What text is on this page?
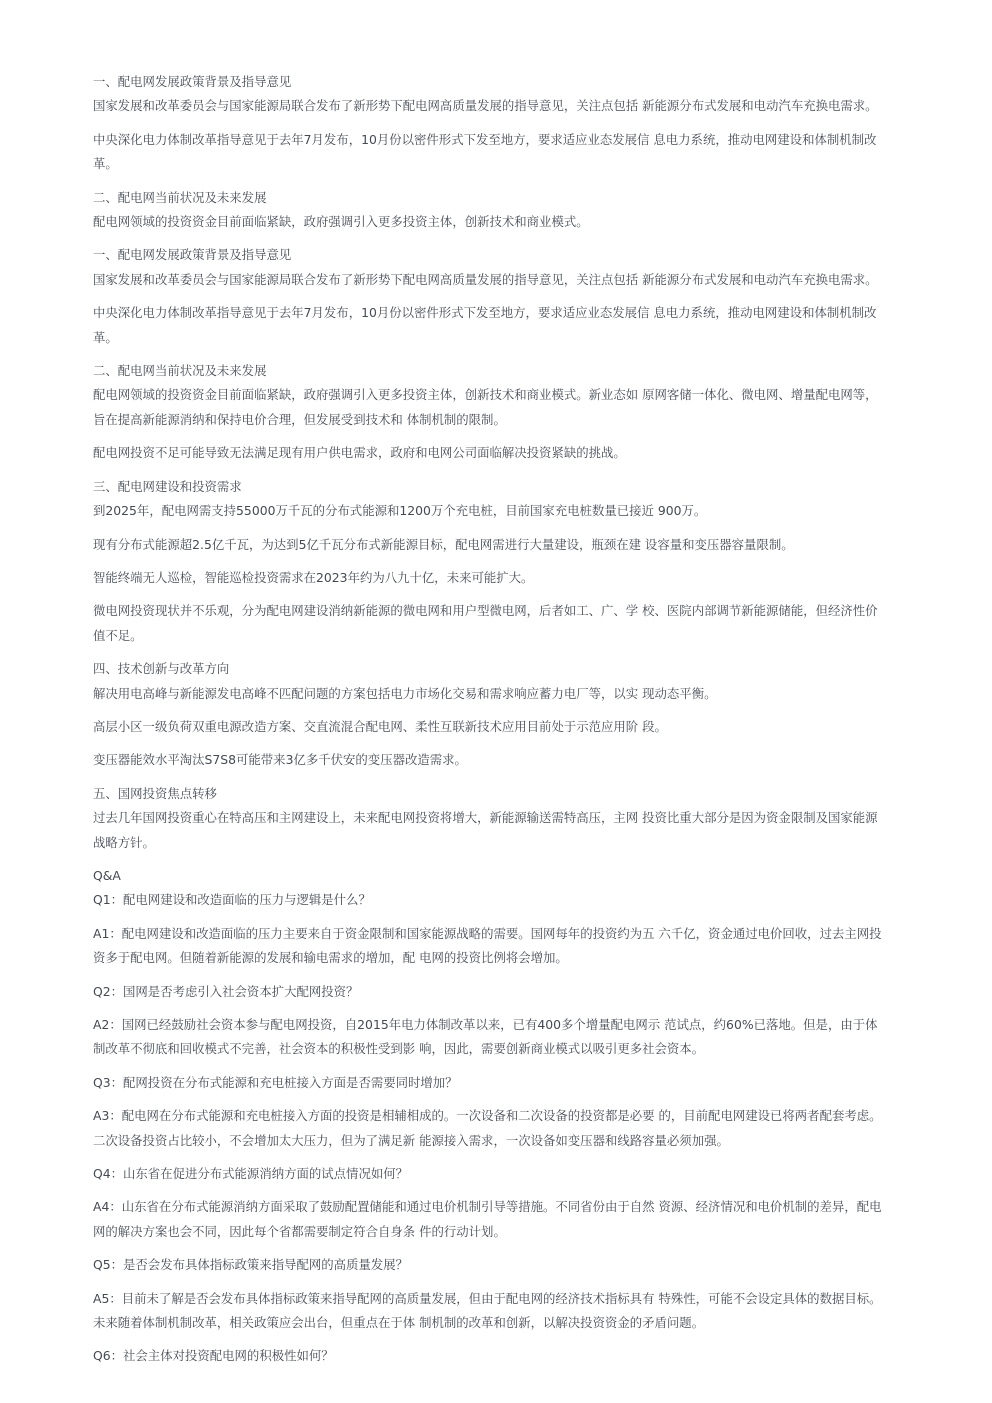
一、配电网发展政策背景及指导意见
国家发展和改革委员会与国家能源局联合发布了新形势下配电网高质量发展的指导意见，关注点包括 新能源分布式发展和电动汽车充换电需求。
中央深化电力体制改革指导意见于去年7月发布，10月份以密件形式下发至地方，要求适应业态发展信 息电力系统，推动电网建设和体制机制改
革。
二、配电网当前状况及未来发展
配电网领域的投资资金目前面临紧缺，政府强调引入更多投资主体，创新技术和商业模式。
一、配电网发展政策背景及指导意见
国家发展和改革委员会与国家能源局联合发布了新形势下配电网高质量发展的指导意见，关注点包括 新能源分布式发展和电动汽车充换电需求。
中央深化电力体制改革指导意见于去年7月发布，10月份以密件形式下发至地方，要求适应业态发展信 息电力系统，推动电网建设和体制机制改
革。
二、配电网当前状况及未来发展
配电网领域的投资资金目前面临紧缺，政府强调引入更多投资主体，创新技术和商业模式。新业态如 原网客储一体化、微电网、增量配电网等，
旨在提高新能源消纳和保持电价合理，但发展受到技术和 体制机制的限制。
配电网投资不足可能导致无法满足现有用户供电需求，政府和电网公司面临解决投资紧缺的挑战。
三、配电网建设和投资需求
到2025年，配电网需支持55000万千瓦的分布式能源和1200万个充电桩，目前国家充电桩数量已接近 900万。
现有分布式能源超2.5亿千瓦，为达到5亿千瓦分布式新能源目标，配电网需进行大量建设，瓶颈在建 设容量和变压器容量限制。
智能终端无人巡检，智能巡检投资需求在2023年约为八九十亿，未来可能扩大。
微电网投资现状并不乐观，分为配电网建设消纳新能源的微电网和用户型微电网，后者如工、广、学 校、医院内部调节新能源储能，但经济性价
值不足。
四、技术创新与改革方向
解决用电高峰与新能源发电高峰不匹配问题的方案包括电力市场化交易和需求响应蓄力电厂等，以实 现动态平衡。
高层小区一级负荷双重电源改造方案、交直流混合配电网、柔性互联新技术应用目前处于示范应用阶 段。
变压器能效水平淘汰S7S8可能带来3亿多千伏安的变压器改造需求。
五、国网投资焦点转移
过去几年国网投资重心在特高压和主网建设上，未来配电网投资将增大，新能源输送需特高压，主网 投资比重大部分是因为资金限制及国家能源
战略方针。
Q&A
Q1：配电网建设和改造面临的压力与逻辑是什么？
A1：配电网建设和改造面临的压力主要来自于资金限制和国家能源战略的需要。国网每年的投资约为五 六千亿，资金通过电价回收，过去主网投
资多于配电网。但随着新能源的发展和输电需求的增加，配 电网的投资比例将会增加。
Q2：国网是否考虑引入社会资本扩大配网投资？
A2：国网已经鼓励社会资本参与配电网投资，自2015年电力体制改革以来，已有400多个增量配电网示 范试点，约60%已落地。但是，由于体
制改革不彻底和回收模式不完善，社会资本的积极性受到影 响，因此，需要创新商业模式以吸引更多社会资本。
Q3：配网投资在分布式能源和充电桩接入方面是否需要同时增加？
A3：配电网在分布式能源和充电桩接入方面的投资是相辅相成的。一次设备和二次设备的投资都是必要 的，目前配电网建设已将两者配套考虑。
二次设备投资占比较小，不会增加太大压力，但为了满足新 能源接入需求，一次设备如变压器和线路容量必须加强。
Q4：山东省在促进分布式能源消纳方面的试点情况如何？
A4：山东省在分布式能源消纳方面采取了鼓励配置储能和通过电价机制引导等措施。不同省份由于自然 资源、经济情况和电价机制的差异，配电
网的解决方案也会不同，因此每个省都需要制定符合自身条 件的行动计划。
Q5：是否会发布具体指标政策来指导配网的高质量发展？
A5：目前未了解是否会发布具体指标政策来指导配网的高质量发展，但由于配电网的经济技术指标具有 特殊性，可能不会设定具体的数据目标。
未来随着体制机制改革，相关政策应会出台，但重点在于体 制机制的改革和创新，以解决投资资金的矛盾问题。
Q6：社会主体对投资配电网的积极性如何？
